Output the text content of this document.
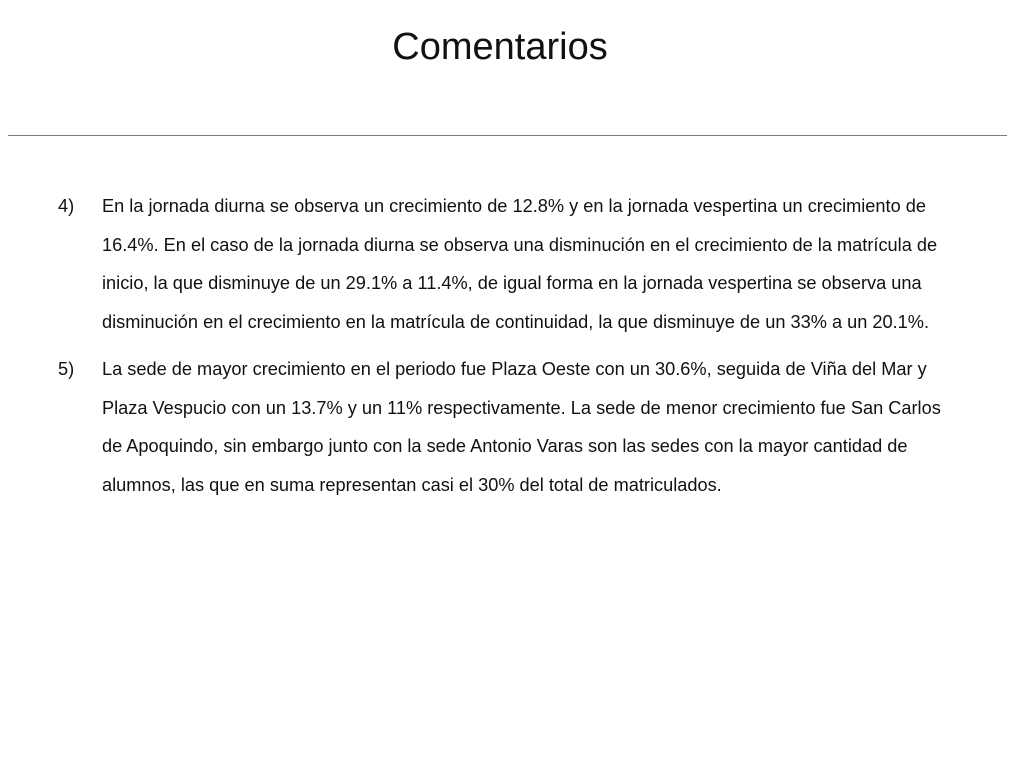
Comentarios
4) En la jornada diurna se observa un crecimiento de 12.8% y en la jornada vespertina un crecimiento de 16.4%. En el caso de la jornada diurna se observa una disminución en el crecimiento de la matrícula de inicio, la que disminuye de un 29.1% a 11.4%, de igual forma en la jornada vespertina se observa una disminución en el crecimiento en la matrícula de continuidad, la que disminuye de un 33% a un 20.1%.
5) La sede de mayor crecimiento en el periodo fue Plaza Oeste con un 30.6%, seguida de Viña del Mar y Plaza Vespucio con un 13.7% y un 11% respectivamente. La sede de menor crecimiento fue San Carlos de Apoquindo, sin embargo junto con la sede Antonio Varas son las sedes con la mayor cantidad de alumnos, las que en suma representan casi el 30% del total de matriculados.
